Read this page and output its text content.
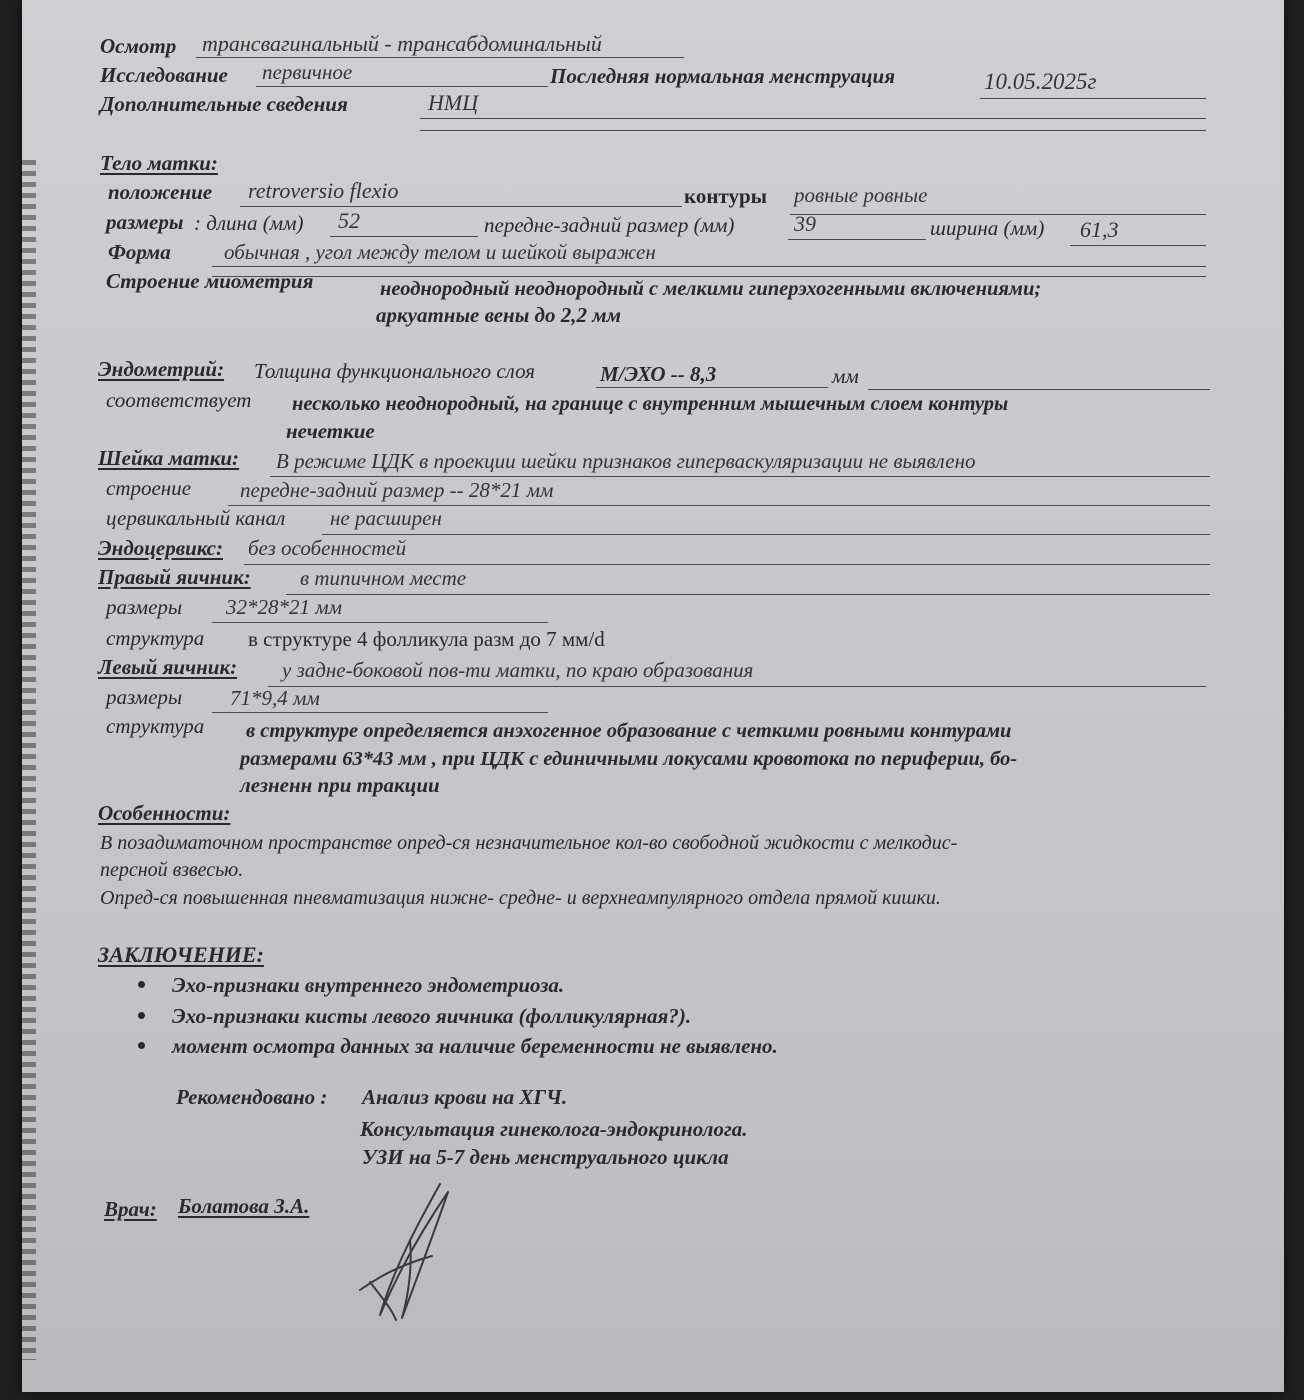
Осмотр трансвагинальный - трансабдоминальный
Исследование первичное	Последняя нормальная менструация	10.05.2025г
Дополнительные сведения	НМЦ
Тело матки:
положение retroversio flexio	контуры ровные ровные
размеры : длина (мм) 52	передне-задний размер (мм)	39	ширина (мм) 61,3
Форма	обычная , угол между телом и шейкой выражен
Строение миометрия	неоднородный неоднородный с мелкими гиперэхогенными включениями;
аркуатные вены до 2,2 мм
Эндометрий: Толщина функционального слоя	М/ЭХО -- 8,3	мм
соответствует несколько неоднородный, на границе с внутренним мышечным слоем контуры
нечеткие
Шейка матки: В режиме ЦДК в проекции шейки признаков гиперваскуляризации не выявлено
строение передне-задний размер -- 28*21 мм
цервикальный канал не расширен
Эндоцервикс: без особенностей
Правый яичник: в типичном месте
размеры 32*28*21 мм
структура в структуре 4 фолликула разм до 7 мм/d
Левый яичник: у задне-боковой пов-ти матки, по краю образования
размеры 71*9,4 мм
структура в структуре определяется анэхогенное образование с четкими ровными контурами
размерами 63*43 мм , при ЦДК с единичными локусами кровотока по периферии, бо-
лезненн при тракции
Особенности:
В позадиматочном пространстве опред-ся незначительное кол-во свободной жидкости с мелкодис-
персной взвесью.
Опред-ся повышенная пневматизация нижне- средне- и верхнеампулярного отдела прямой кишки.
ЗАКЛЮЧЕНИЕ:
Эхо-признаки внутреннего эндометриоза.
Эхо-признаки кисты левого яичника (фолликулярная?).
момент осмотра данных за наличие беременности не выявлено.
Рекомендовано : Анализ крови на ХГЧ.
Консультация гинеколога-эндокринолога.
УЗИ на 5-7 день менструального цикла
Врач: Болатова З.А.
